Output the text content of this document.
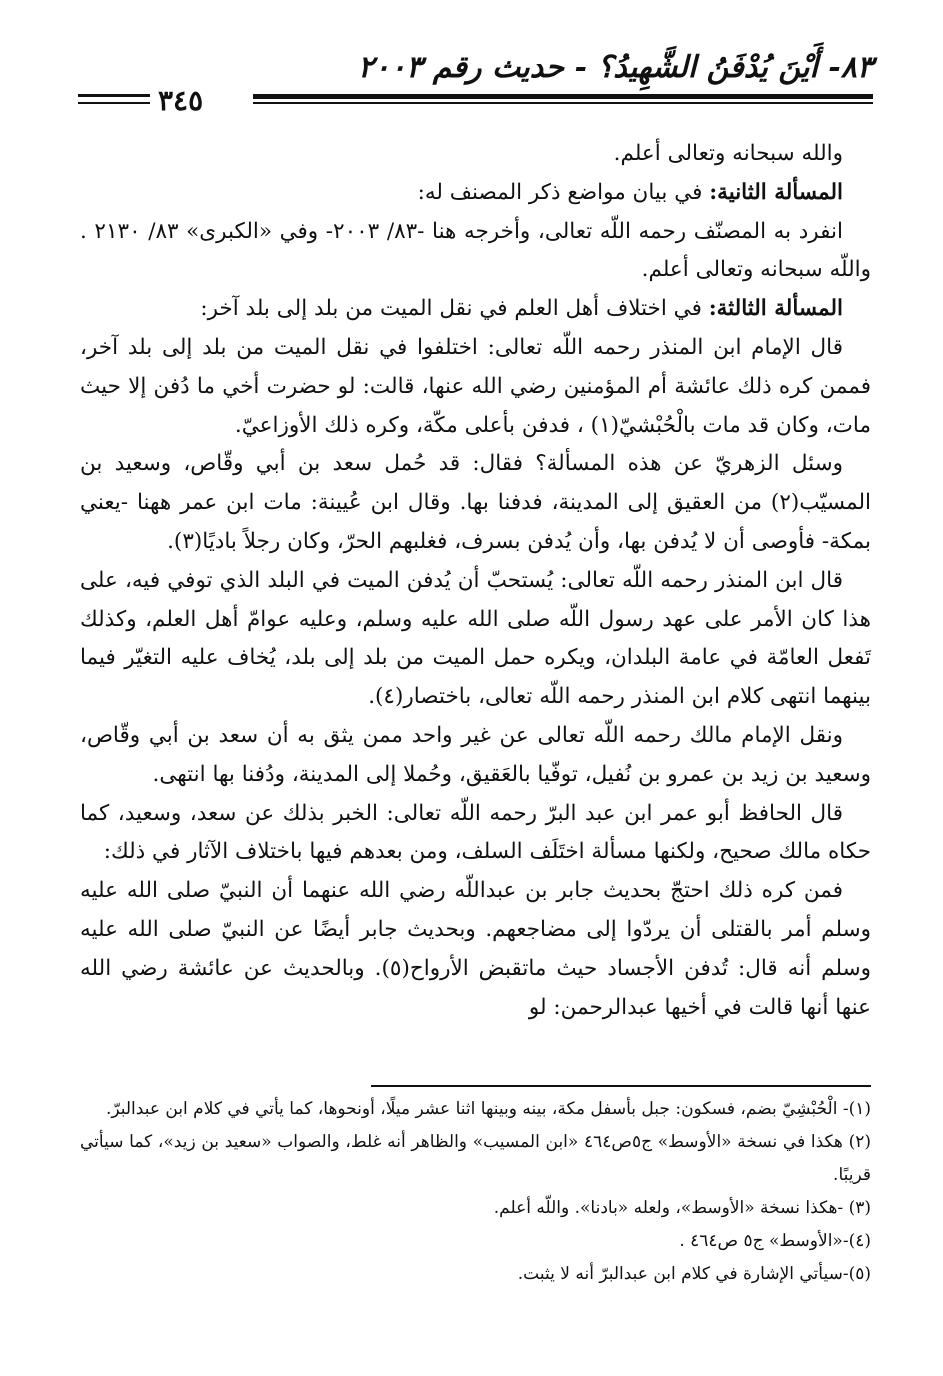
٨٣- أَيْنَ يُدْفَنُ الشَّهِيدُ؟ - حديث رقم ٢٠٠٣
٣٤٥

والله سبحانه وتعالى أعلم.

المسألة الثانية: في بيان مواضع ذكر المصنف له:

انفرد به المصنّف رحمه اللّه تعالى، وأخرجه هنا -٨٣/ ٢٠٠٣- وفي «الكبرى» ٨٣/ ٢١٣٠ . واللّه سبحانه وتعالى أعلم.

المسألة الثالثة: في اختلاف أهل العلم في نقل الميت من بلد إلى بلد آخر:

قال الإمام ابن المنذر رحمه اللّه تعالى: اختلفوا في نقل الميت من بلد إلى بلد آخر، فممن كره ذلك عائشة أم المؤمنين رضي الله عنها، قالت: لو حضرت أخي ما دُفن إلا حيث مات، وكان قد مات بالْحُبْشيّ(١) ، فدفن بأعلى مكّة، وكره ذلك الأوزاعيّ.

وسئل الزهريّ عن هذه المسألة؟ فقال: قد حُمل سعد بن أبي وقّاص، وسعيد بن المسيّب(٢) من العقيق إلى المدينة، فدفنا بها. وقال ابن عُيينة: مات ابن عمر ههنا -يعني بمكة- فأوصى أن لا يُدفن بها، وأن يُدفن بسرف، فغلبهم الحرّ، وكان رجلاً باديًا(٣).

قال ابن المنذر رحمه اللّه تعالى: يُستحبّ أن يُدفن الميت في البلد الذي توفي فيه، على هذا كان الأمر على عهد رسول اللّه صلى الله عليه وسلم، وعليه عوامّ أهل العلم، وكذلك تَفعل العامّة في عامة البلدان، ويكره حمل الميت من بلد إلى بلد، يُخاف عليه التغيّر فيما بينهما انتهى كلام ابن المنذر رحمه اللّه تعالى، باختصار(٤).

ونقل الإمام مالك رحمه اللّه تعالى عن غير واحد ممن يثق به أن سعد بن أبي وقّاص، وسعيد بن زيد بن عمرو بن نُفيل، توفّيا بالعَقيق، وحُملا إلى المدينة، ودُفنا بها انتهى.

قال الحافظ أبو عمر ابن عبد البرّ رحمه اللّه تعالى: الخبر بذلك عن سعد، وسعيد، كما حكاه مالك صحيح، ولكنها مسألة اختَلَف السلف، ومن بعدهم فيها باختلاف الآثار في ذلك:

فمن كره ذلك احتجّ بحديث جابر بن عبداللّه رضي الله عنهما أن النبيّ صلى الله عليه وسلم أمر بالقتلى أن يردّوا إلى مضاجعهم. وبحديث جابر أيضًا عن النبيّ صلى الله عليه وسلم أنه قال: تُدفن الأجساد حيث ماتقبض الأرواح(٥). وبالحديث عن عائشة رضي الله عنها أنها قالت في أخيها عبدالرحمن: لو

(١)- الْحُبْشِيّ بضم، فسكون: جبل بأسفل مكة، بينه وبينها اثنا عشر ميلًا، أونحوها، كما يأتي في كلام ابن عبدالبرّ.

(٢) هكذا في نسخة «الأوسط» ج٥ص٤٦٤ «ابن المسيب» والظاهر أنه غلط، والصواب «سعيد بن زيد»، كما سيأتي قريبًا.

(٣) -هكذا نسخة «الأوسط»، ولعله «بادنا». واللّه أعلم.

(٤)-«الأوسط» ج٥ ص٤٦٤ .

(٥)-سيأتي الإشارة في كلام ابن عبدالبرّ أنه لا يثبت.
